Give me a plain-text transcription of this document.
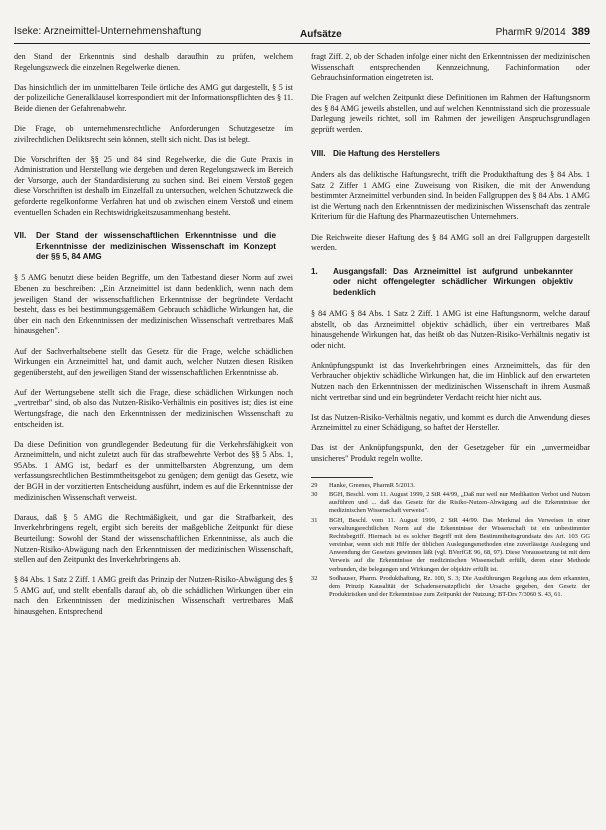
Iseke: Arzneimittel-Unternehmenshaftung	Aufsätze	PharmR 9/2014 389

den Stand der Erkenntnis sind deshalb daraufhin zu prüfen, welchem Regelungszweck die einzelnen Regelwerke dienen.

Das hinsichtlich der im unmittelbaren Teile örtliche des AMG gut dargestellt, § 5 ist der polizeiliche Generalklausel korrespondiert mit der Informationspflichten des § 11. Beide dienen der Gefahrenabwehr.

Die Frage, ob unternehmensrechtliche Anforderungen Schutzgesetze im zivilrechtlichen Deliktsrecht sein können, stellt sich nicht. Das ist belegt.

Die Vorschriften der §§ 25 und 84 sind Regelwerke, die die Gute Praxis in Administration und Herstellung wie dergeben und deren Regelungszweck im Bereich der Vorsorge, auch der Standardisierung zu suchen sind. Bei einem Verstoß gegen diese Vorschriften ist deshalb im Einzelfall zu untersuchen, welchen Schutzzweck die geforderte regelkonforme Verfahren hat und ob zwischen einem Verstoß und einem eventuellen Schaden ein Rechtswidrigkeitszusammenhang besteht.

VII. Der Stand der wissenschaftlichen Erkenntnisse und die Erkenntnisse der medizinischen Wissenschaft im Konzept der §§ 5, 84 AMG

§ 5 AMG benutzt diese beiden Begriffe, um den Tatbestand dieser Norm auf zwei Ebenen zu beschreiben: „Ein Arzneimittel ist dann bedenklich, wenn nach dem jeweiligen Stand der wissenschaftlichen Erkenntnisse der begründete Verdacht besteht, dass es bei bestimmungsgemäßem Gebrauch schädliche Wirkungen hat, die über ein nach den Erkenntnissen der medizinischen Wissenschaft vertretbares Maß hinausgehen".

Auf der Sachverhaltsebene stellt das Gesetz für die Frage, welche schädlichen Wirkungen ein Arzneimittel hat, und damit auch, welcher Nutzen diesen Risiken gegenübersteht, auf den jeweiligen Stand der wissenschaftlichen Erkenntnisse ab.

Auf der Wertungsebene stellt sich die Frage, diese schädlichen Wirkungen noch „vertretbar" sind, ob also das Nutzen-Risiko-Verhältnis ein positives ist; dies ist eine Wertungsfrage, die nach den Erkenntnissen der medizinischen Wissenschaft zu entscheiden ist.

Da diese Definition von grundlegender Bedeutung für die Verkehrsfähigkeit von Arzneimitteln, und nicht zuletzt auch für das strafbewehrte Verbot des §§ 5 Abs. 1, 95Abs. 1 AMG ist, bedarf es der unmittelbarsten Abgrenzung, um dem verfassungsrechtlichen Bestimmtheitsgebot zu genügen; dem genügt das Gesetz, wie der BGH in der vorzitierten Entscheidung ausführt, indem es auf die Erkenntnisse der medizinischen Wissenschaft verweist.

Daraus, daß § 5 AMG die Rechtmäßigkeit, und gar die Strafbarkeit, des Inverkehrbringens regelt, ergibt sich bereits der maßgebliche Zeitpunkt für diese Beurteilung: Sowohl der Stand der wissenschaftlichen Erkenntnisse, als auch die Nutzen-Risiko-Abwägung nach den Erkenntnissen der medizinischen Wissenschaft, stellen auf den Zeitpunkt des Inverkehrbringens ab.

§ 84 Abs. 1 Satz 2 Ziff. 1 AMG greift das Prinzip der Nutzen-Risiko-Abwägung des § 5 AMG auf, und stellt ebenfalls darauf ab, ob die schädlichen Wirkungen über ein nach den Erkenntnissen der medizinischen Wissenschaft vertretbares Maß hinausgehen. Entsprechend

fragt Ziff. 2, ob der Schaden infolge einer nicht den Erkenntnissen der medizinischen Wissenschaft entsprechenden Kennzeichnung, Fachinformation oder Gebrauchsinformation eingetreten ist.

Die Fragen auf welchen Zeitpunkt diese Definitionen im Rahmen der Haftungsnorm des § 84 AMG jeweils abstellen, und auf welchen Kenntnisstand sich die prozessuale Darlegung jeweils richtet, soll im Rahmen der jeweiligen Anspruchsgrundlagen geprüft werden.

VIII. Die Haftung des Herstellers

Anders als das deliktische Haftungsrecht, trifft die Produkthaftung des § 84 Abs. 1 Satz 2 Ziffer 1 AMG eine Zuweisung von Risiken, die mit der Anwendung bestimmter Arzneimittel verbunden sind. In beiden Fallgruppen des § 84 Abs. 1 AMG ist die Wertung nach den Erkenntnissen der medizinischen Wissenschaft das zentrale Kriterium für die Haftung des Pharmazeutischen Unternehmers.

Die Reichweite dieser Haftung des § 84 AMG soll an drei Fallgruppen dargestellt werden.

1. Ausgangsfall: Das Arzneimittel ist aufgrund unbekannter oder nicht offengelegter schädlicher Wirkungen objektiv bedenklich

§ 84 AMG § 84 Abs. 1 Satz 2 Ziff. 1 AMG ist eine Haftungsnorm, welche darauf abstellt, ob das Arzneimittel objektiv schädlich, über ein vertretbares Maß hinausgehende Wirkungen hat, das heißt ob das Nutzen-Risiko-Verhältnis negativ ist oder nicht.

Anknüpfungspunkt ist das Inverkehrbringen eines Arzneimittels, das für den Verbraucher objektiv schädliche Wirkungen hat, die im Hinblick auf den erwarteten Nutzen nach den Erkenntnissen der medizinischen Wissenschaft in ihrem Ausmaß nicht vertretbar sind und ein begründeter Verdacht reicht hier nicht aus.

Ist das Nutzen-Risiko-Verhältnis negativ, und kommt es durch die Anwendung dieses Arzneimittel zu einer Schädigung, so haftet der Hersteller.

Das ist der Anknüpfungspunkt, den der Gesetzgeber für ein „unvermeidbar unsicheres" Produkt regeln wollte.

29	Hanke, Greenes, PharmR 5/2013.
30	BGH, Beschl. vom 11. August 1999, 2 StR 44/99, „Daß nur weil nur Medikation Verbot und Nutzen ausführen und ... daß das Gesetz für die Risiko-Nutzen-Abwägung auf die Erkenntnisse der medizinischen Wissenschaft verweist".
31	BGH, Beschl. vom 11. August 1999, 2 StR 44/99. Das Merkmal des Verweises in einer verwaltungsrechtlichen Norm auf die Erkenntnisse der Wissenschaft ist ein unbestimmter Rechtsbegriff. Hiernach ist es solcher Begriff mit dem Bestimmtheitsgrundsatz des Art. 103 GG vereinbar, wenn sich mit Hilfe der üblichen Auslegungsmethoden eine zuverlässige Auslegung und Anwendung der Gesetzes gewinnen läßt (vgl. BVerfGE 96, 68, 97). Diese Voraussetzung ist mit dem Verweis auf die Erkenntnisse der medizinischen Wissenschaft erfüllt, deren einer Methode verbunden, die belegungen und Wirkungen der objektiv erfüllt ist.
32	Sodhauser, Pharm. Produkthaftung, Rz. 100, S. 3; Die Ausführungen Regelung aus dem erkannten, dem Prinzip Kausalität der Schadensersatzpflicht der Ursache gegeben, den Gesetz der Produktrisiken und der Erkenntnisse zum Zeitpunkt der Nutzung; BT-Drs 7/3060 S. 43, 61.
